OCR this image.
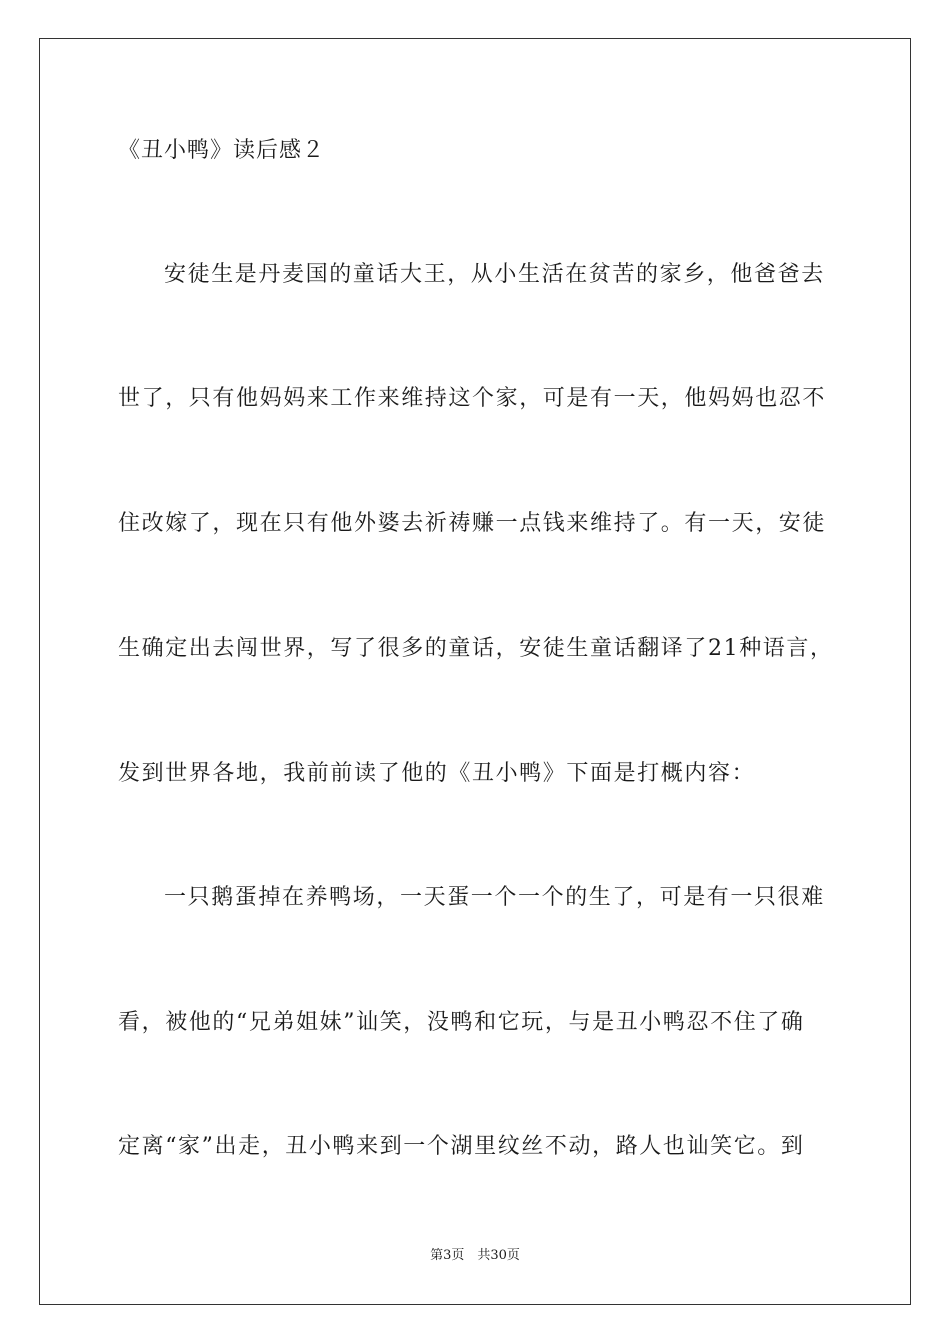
《丑小鸭》读后感２
安徒生是丹麦国的童话大王，从小生活在贫苦的家乡，他爸爸去
世了，只有他妈妈来工作来维持这个家，可是有一天，他妈妈也忍不
住改嫁了，现在只有他外婆去祈祷赚一点钱来维持了。有一天，安徒
生确定出去闯世界，写了很多的童话，安徒生童话翻译了21种语言，
发到世界各地，我前前读了他的《丑小鸭》下面是打概内容：
一只鹅蛋掉在养鸭场，一天蛋一个一个的生了，可是有一只很难
看，被他的“兄弟姐妹”讪笑，没鸭和它玩，与是丑小鸭忍不住了确
定离“家”出走，丑小鸭来到一个湖里纹丝不动，路人也讪笑它。到
第3页　共30页
